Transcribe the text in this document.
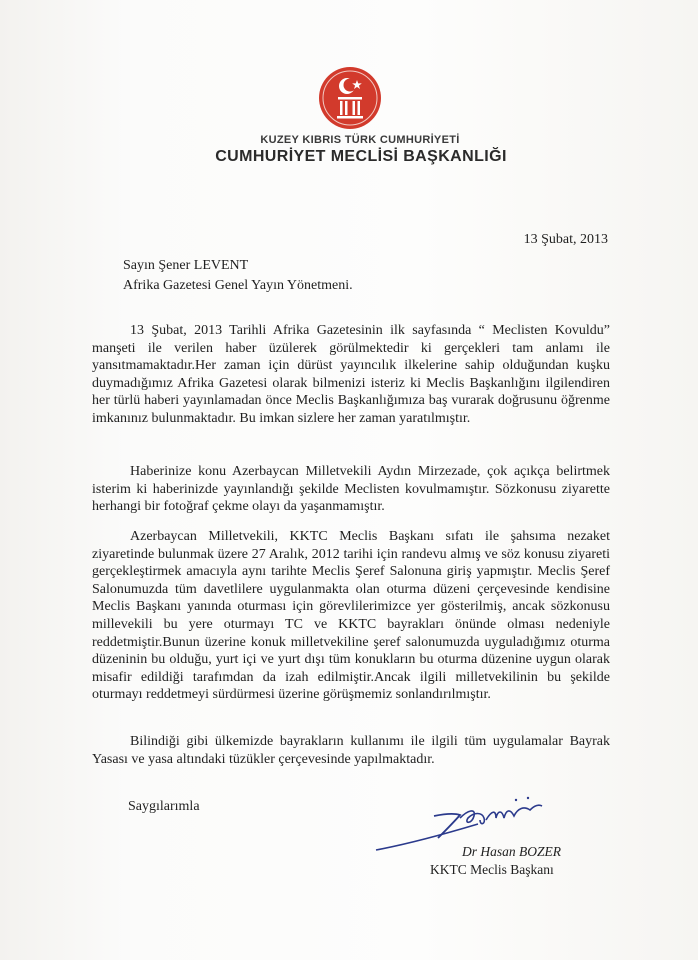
KUZEY KIBRIS TÜRK CUMHURİYETİ
CUMHURİYET MECLİSİ BAŞKANLIĞI
13 Şubat, 2013
Sayın Şener LEVENT
Afrika Gazetesi Genel Yayın Yönetmeni.
13 Şubat, 2013 Tarihli Afrika Gazetesinin ilk sayfasında “ Meclisten Kovuldu” manşeti ile verilen haber üzülerek görülmektedir ki gerçekleri tam anlamı ile yansıtmamaktadır.Her zaman için dürüst yayıncılık ilkelerine sahip olduğundan kuşku duymadığımız Afrika Gazetesi olarak bilmenizi isteriz ki Meclis Başkanlığını ilgilendiren her türlü haberi yayınlamadan önce Meclis Başkanlığımıza baş vurarak doğrusunu öğrenme imkanınız bulunmaktadır. Bu imkan sizlere her zaman yaratılmıştır.
Haberinize konu Azerbaycan Milletvekili Aydın Mirzezade, çok açıkça belirtmek isterim ki haberinizde yayınlandığı şekilde Meclisten kovulmamıştır. Sözkonusu ziyarette herhangi bir fotoğraf çekme olayı da yaşanmamıştır.
Azerbaycan Milletvekili, KKTC Meclis Başkanı sıfatı ile şahsıma nezaket ziyaretinde bulunmak üzere 27 Aralık, 2012 tarihi için randevu almış ve söz konusu ziyareti gerçekleştirmek amacıyla aynı tarihte Meclis Şeref Salonuna giriş yapmıştır. Meclis Şeref Salonumuzda tüm davetlilere uygulanmakta olan oturma düzeni çerçevesinde kendisine Meclis Başkanı yanında oturması için görevlilerimizce yer gösterilmiş, ancak sözkonusu millevekili bu yere oturmayı TC ve KKTC bayrakları önünde olması nedeniyle reddetmiştir.Bunun üzerine konuk milletvekiline şeref salonumuzda uyguladığımız oturma düzeninin bu olduğu, yurt içi ve yurt dışı tüm konukların bu oturma düzenine uygun olarak misafir edildiği tarafımdan da izah edilmiştir.Ancak ilgili milletvekilinin bu şekilde oturmayı reddetmeyi sürdürmesi üzerine görüşmemiz sonlandırılmıştır.
Bilindiği gibi ülkemizde bayrakların kullanımı ile ilgili tüm uygulamalar Bayrak Yasası ve yasa altındaki tüzükler çerçevesinde yapılmaktadır.
Saygılarımla
Dr Hasan BOZER
KKTC Meclis Başkanı
